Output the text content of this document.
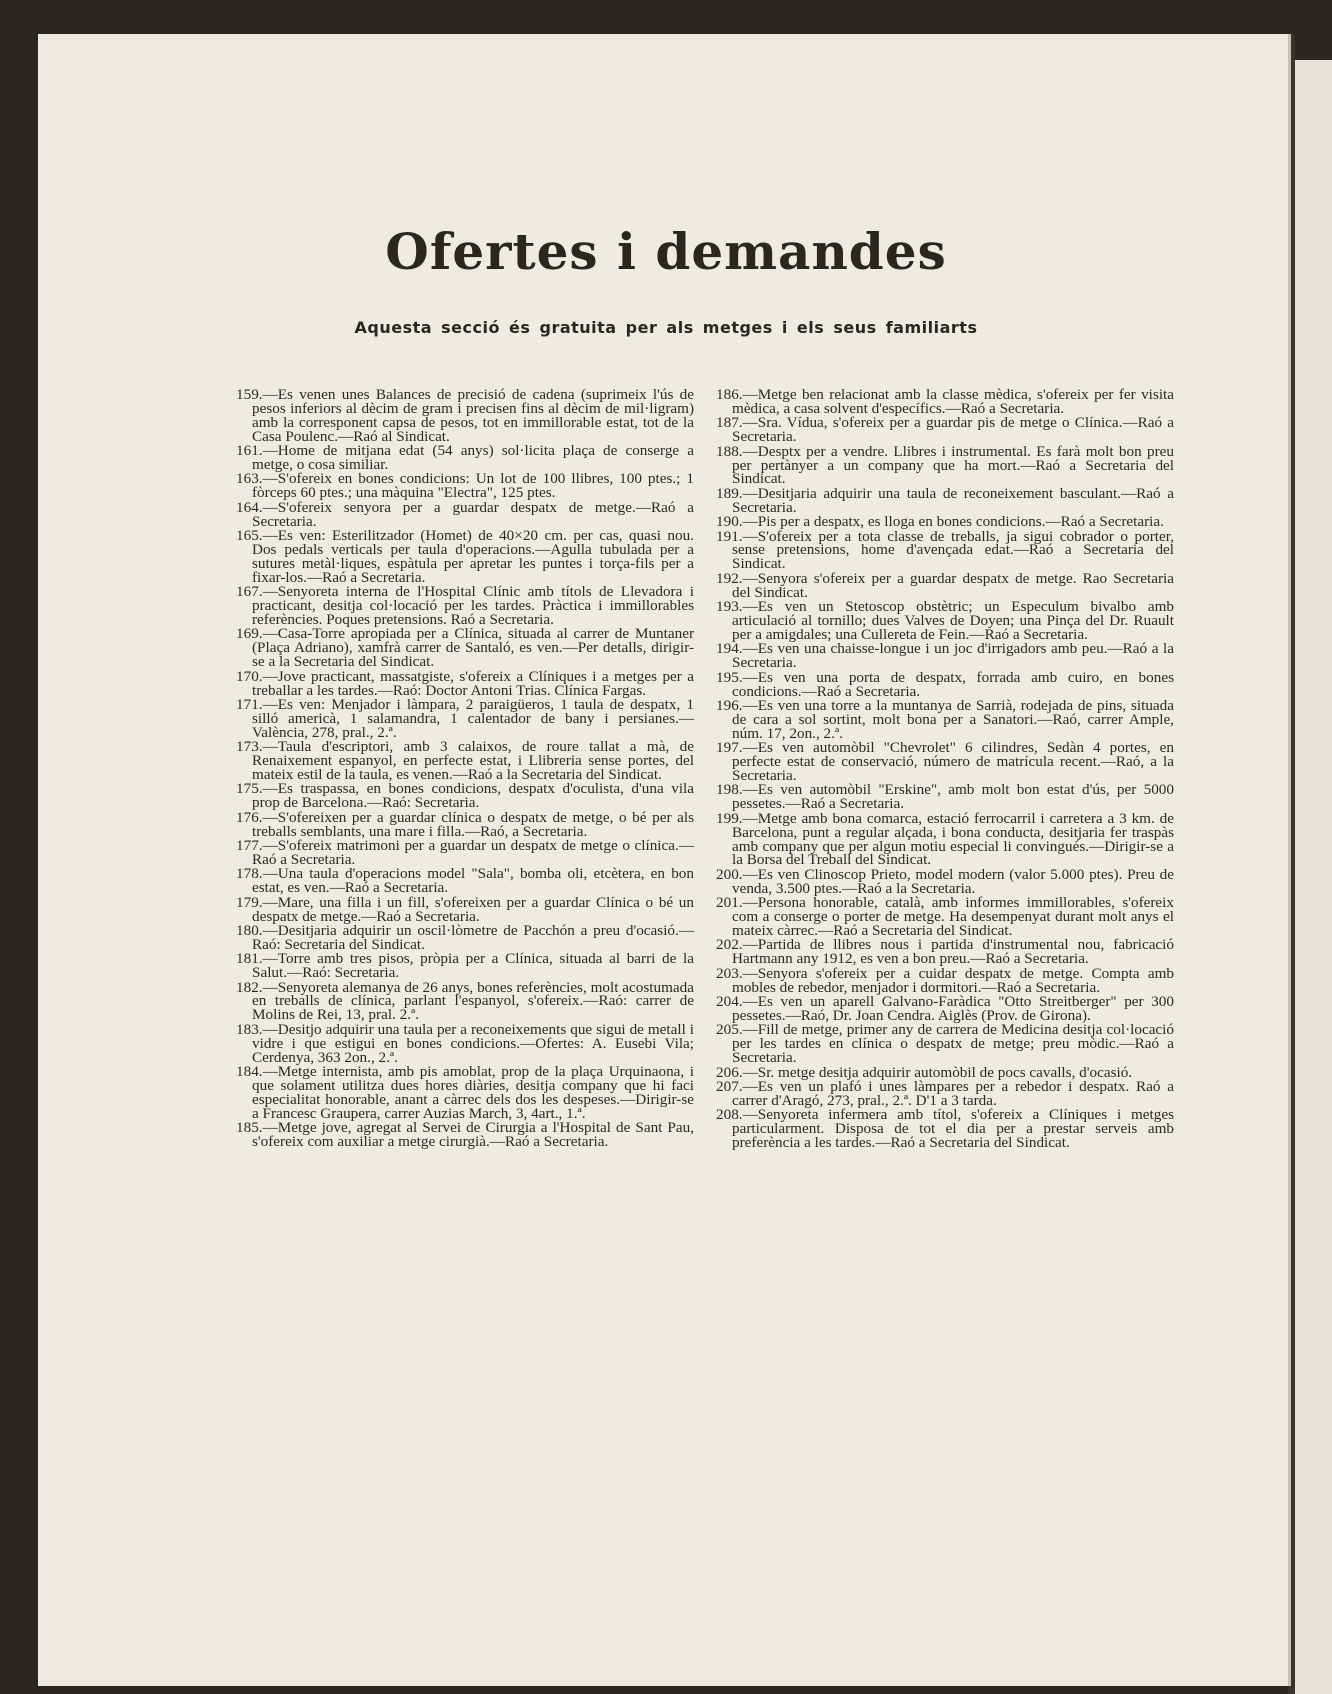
Ofertes i demandes
Aquesta secció és gratuita per als metges i els seus familiarts

159.—Es venen unes Balances de precisió de cadena (suprimeix l'ús de pesos inferiors al dècim de gram i precisen fins al dècim de mil·ligram) amb la corresponent capsa de pesos, tot en immillorable estat, tot de la Casa Poulenc.—Raó al Sindicat.

161.—Home de mitjana edat (54 anys) sol·licita plaça de conserge a metge, o cosa similiar.

163.—S'ofereix en bones condicions: Un lot de 100 llibres, 100 ptes.; 1 fòrceps 60 ptes.; una màquina "Electra", 125 ptes.

164.—S'ofereix senyora per a guardar despatx de metge.—Raó a Secretaria.

165.—Es ven: Esterilitzador (Homet) de 40×20 cm. per cas, quasi nou. Dos pedals verticals per taula d'operacions.—Agulla tubulada per a sutures metàl·liques, espàtula per apretar les puntes i torça-fils per a fixar-los.—Raó a Secretaria.

167.—Senyoreta interna de l'Hospital Clínic amb títols de Llevadora i practicant, desitja col·locació per les tardes. Pràctica i immillorables referències. Poques pretensions. Raó a Secretaria.

169.—Casa-Torre apropiada per a Clínica, situada al carrer de Muntaner (Plaça Adriano), xamfrà carrer de Santaló, es ven.—Per detalls, dirigir-se a la Secretaria del Sindicat.

170.—Jove practicant, massatgiste, s'ofereix a Clíniques i a metges per a treballar a les tardes.—Raó: Doctor Antoni Trias. Clínica Fargas.

171.—Es ven: Menjador i làmpara, 2 paraigüeros, 1 taula de despatx, 1 silló americà, 1 salamandra, 1 calentador de bany i persianes.—València, 278, pral., 2.ª.

173.—Taula d'escriptori, amb 3 calaixos, de roure tallat a mà, de Renaixement espanyol, en perfecte estat, i Llibreria sense portes, del mateix estil de la taula, es venen.—Raó a la Secretaria del Sindicat.

175.—Es traspassa, en bones condicions, despatx d'oculista, d'una vila prop de Barcelona.—Raó: Secretaria.

176.—S'ofereixen per a guardar clínica o despatx de metge, o bé per als treballs semblants, una mare i filla.—Raó, a Secretaria.

177.—S'ofereix matrimoni per a guardar un despatx de metge o clínica.—Raó a Secretaria.

178.—Una taula d'operacions model "Sala", bomba oli, etcètera, en bon estat, es ven.—Raó a Secretaria.

179.—Mare, una filla i un fill, s'ofereixen per a guardar Clínica o bé un despatx de metge.—Raó a Secretaria.

180.—Desitjaria adquirir un oscil·lòmetre de Pacchón a preu d'ocasió.—Raó: Secretaria del Sindicat.

181.—Torre amb tres pisos, pròpia per a Clínica, situada al barri de la Salut.—Raó: Secretaria.

182.—Senyoreta alemanya de 26 anys, bones referències, molt acostumada en treballs de clínica, parlant l'espanyol, s'ofereix.—Raó: carrer de Molins de Rei, 13, pral. 2.ª.

183.—Desitjo adquirir una taula per a reconeixements que sigui de metall i vidre i que estigui en bones condicions.—Ofertes: A. Eusebi Vila; Cerdenya, 363 2on., 2.ª.

184.—Metge internista, amb pis amoblat, prop de la plaça Urquinaona, i que solament utilitza dues hores diàries, desitja company que hi faci especialitat honorable, anant a càrrec dels dos les despeses.—Dirigir-se a Francesc Graupera, carrer Auzias March, 3, 4art., 1.ª.

185.—Metge jove, agregat al Servei de Cirurgia a l'Hospital de Sant Pau, s'ofereix com auxiliar a metge cirurgià.—Raó a Secretaria.

186.—Metge ben relacionat amb la classe mèdica, s'ofereix per fer visita mèdica, a casa solvent d'específics.—Raó a Secretaria.

187.—Sra. Vídua, s'ofereix per a guardar pis de metge o Clínica.—Raó a Secretaria.

188.—Desptx per a vendre. Llibres i instrumental. Es farà molt bon preu per pertànyer a un company que ha mort.—Raó a Secretaria del Sindicat.

189.—Desitjaria adquirir una taula de reconeixement basculant.—Raó a Secretaria.

190.—Pis per a despatx, es lloga en bones condicions.—Raó a Secretaria.

191.—S'ofereix per a tota classe de treballs, ja sigui cobrador o porter, sense pretensions, home d'avençada edat.—Raó a Secretaria del Sindicat.

192.—Senyora s'ofereix per a guardar despatx de metge. Rao Secretaria del Sindicat.

193.—Es ven un Stetoscop obstètric; un Especulum bivalbo amb articulació al tornillo; dues Valves de Doyen; una Pinça del Dr. Ruault per a amigdales; una Cullereta de Fein.—Raó a Secretaria.

194.—Es ven una chaisse-longue i un joc d'irrigadors amb peu.—Raó a la Secretaria.

195.—Es ven una porta de despatx, forrada amb cuiro, en bones condicions.—Raó a Secretaria.

196.—Es ven una torre a la muntanya de Sarrià, rodejada de pins, situada de cara a sol sortint, molt bona per a Sanatori.—Raó, carrer Ample, núm. 17, 2on., 2.ª.

197.—Es ven automòbil "Chevrolet" 6 cilindres, Sedàn 4 portes, en perfecte estat de conservació, número de matrícula recent.—Raó, a la Secretaria.

198.—Es ven automòbil "Erskine", amb molt bon estat d'ús, per 5000 pessetes.—Raó a Secretaria.

199.—Metge amb bona comarca, estació ferrocarril i carretera a 3 km. de Barcelona, punt a regular alçada, i bona conducta, desitjaria fer traspàs amb company que per algun motiu especial li convingués.—Dirigir-se a la Borsa del Treball del Sindicat.

200.—Es ven Clinoscop Prieto, model modern (valor 5.000 ptes). Preu de venda, 3.500 ptes.—Raó a la Secretaria.

201.—Persona honorable, català, amb informes immillorables, s'ofereix com a conserge o porter de metge. Ha desempenyat durant molt anys el mateix càrrec.—Raó a Secretaria del Sindicat.

202.—Partida de llibres nous i partida d'instrumental nou, fabricació Hartmann any 1912, es ven a bon preu.—Raó a Secretaria.

203.—Senyora s'ofereix per a cuidar despatx de metge. Compta amb mobles de rebedor, menjador i dormitori.—Raó a Secretaria.

204.—Es ven un aparell Galvano-Faràdica "Otto Streitberger" per 300 pessetes.—Raó, Dr. Joan Cendra. Aiglès (Prov. de Girona).

205.—Fill de metge, primer any de carrera de Medicina desitja col·locació per les tardes en clínica o despatx de metge; preu mòdic.—Raó a Secretaria.

206.—Sr. metge desitja adquirir automòbil de pocs cavalls, d'ocasió.

207.—Es ven un plafó i unes làmpares per a rebedor i despatx. Raó a carrer d'Aragó, 273, pral., 2.ª. D'1 a 3 tarda.

208.—Senyoreta infermera amb títol, s'ofereix a Clíniques i metges particularment. Disposa de tot el dia per a prestar serveis amb preferència a les tardes.—Raó a Secretaria del Sindicat.
